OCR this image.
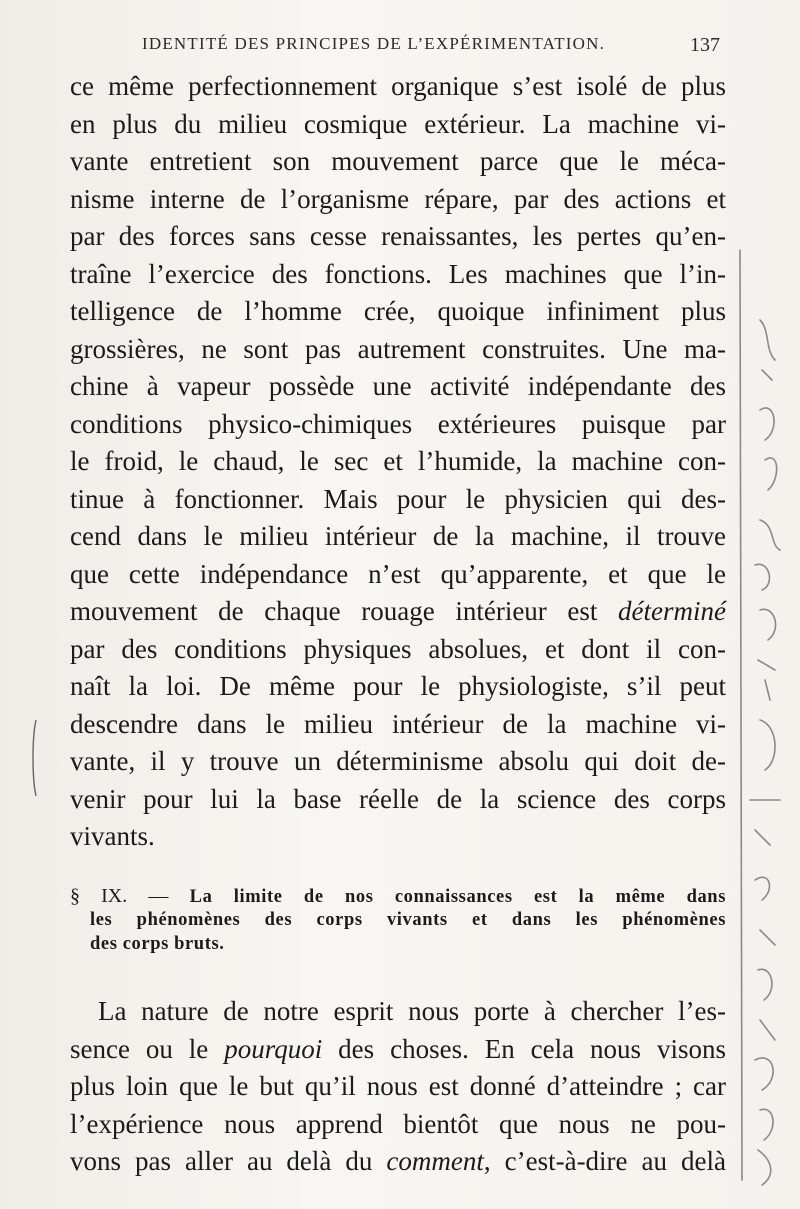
IDENTITÉ DES PRINCIPES DE L’EXPÉRIMENTATION.	137
ce même perfectionnement organique s’est isolé de plus
en plus du milieu cosmique extérieur. La machine vi-
vante entretient son mouvement parce que le méca-
nisme interne de l’organisme répare, par des actions et
par des forces sans cesse renaissantes, les pertes qu’en-
traîne l’exercice des fonctions. Les machines que l’in-
telligence de l’homme crée, quoique infiniment plus
grossières, ne sont pas autrement construites. Une ma-
chine à vapeur possède une activité indépendante des
conditions physico-chimiques extérieures puisque par
le froid, le chaud, le sec et l’humide, la machine con-
tinue à fonctionner. Mais pour le physicien qui des-
cend dans le milieu intérieur de la machine, il trouve
que cette indépendance n’est qu’apparente, et que le
mouvement de chaque rouage intérieur est déterminé
par des conditions physiques absolues, et dont il con-
naît la loi. De même pour le physiologiste, s’il peut
descendre dans le milieu intérieur de la machine vi-
vante, il y trouve un déterminisme absolu qui doit de-
venir pour lui la base réelle de la science des corps
vivants.
§ IX. — La limite de nos connaissances est la même dans
les phénomènes des corps vivants et dans les phénomènes
des corps bruts.
La nature de notre esprit nous porte à chercher l’es-
sence ou le pourquoi des choses. En cela nous visons
plus loin que le but qu’il nous est donné d’atteindre ; car
l’expérience nous apprend bientôt que nous ne pou-
vons pas aller au delà du comment, c’est-à-dire au delà
